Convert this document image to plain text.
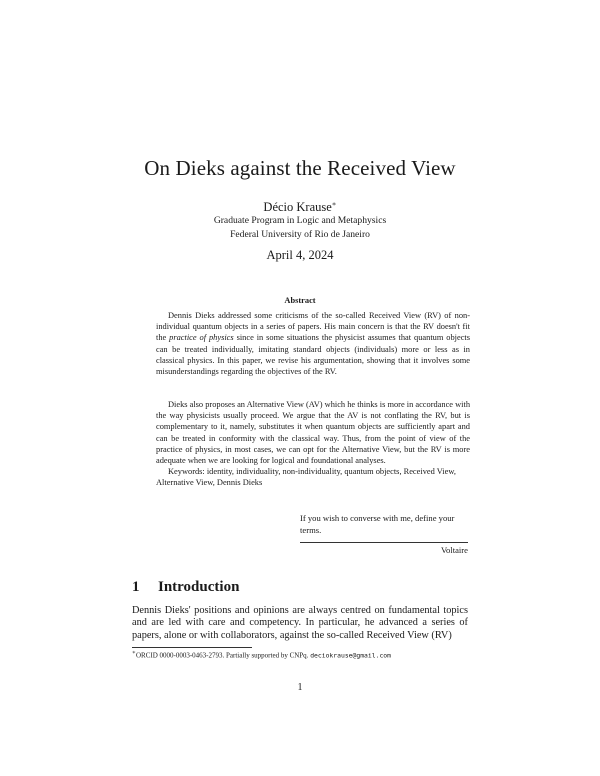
On Dieks against the Received View
Décio Krause∗
Graduate Program in Logic and Metaphysics
Federal University of Rio de Janeiro
April 4, 2024
Abstract

Dennis Dieks addressed some criticisms of the so-called Received View (RV) of non-individual quantum objects in a series of papers. His main concern is that the RV doesn't fit the practice of physics since in some situations the physicist assumes that quantum objects can be treated individually, imitating standard objects (individuals) more or less as in classical physics. In this paper, we revise his argumentation, showing that it involves some misunderstandings regarding the objectives of the RV.

Dieks also proposes an Alternative View (AV) which he thinks is more in accordance with the way physicists usually proceed. We argue that the AV is not conflating the RV, but is complementary to it, namely, substitutes it when quantum objects are sufficiently apart and can be treated in conformity with the classical way. Thus, from the point of view of the practice of physics, in most cases, we can opt for the Alternative View, but the RV is more adequate when we are looking for logical and foundational analyses.

Keywords: identity, individuality, non-individuality, quantum objects, Received View, Alternative View, Dennis Dieks

If you wish to converse with me, define your terms.
Voltaire
1 Introduction

Dennis Dieks' positions and opinions are always centred on fundamental topics and are led with care and competency. In particular, he advanced a series of papers, alone or with collaborators, against the so-called Received View (RV)

∗ORCID 0000-0003-0463-2793. Partially supported by CNPq. deciokrause@gmail.com
1
